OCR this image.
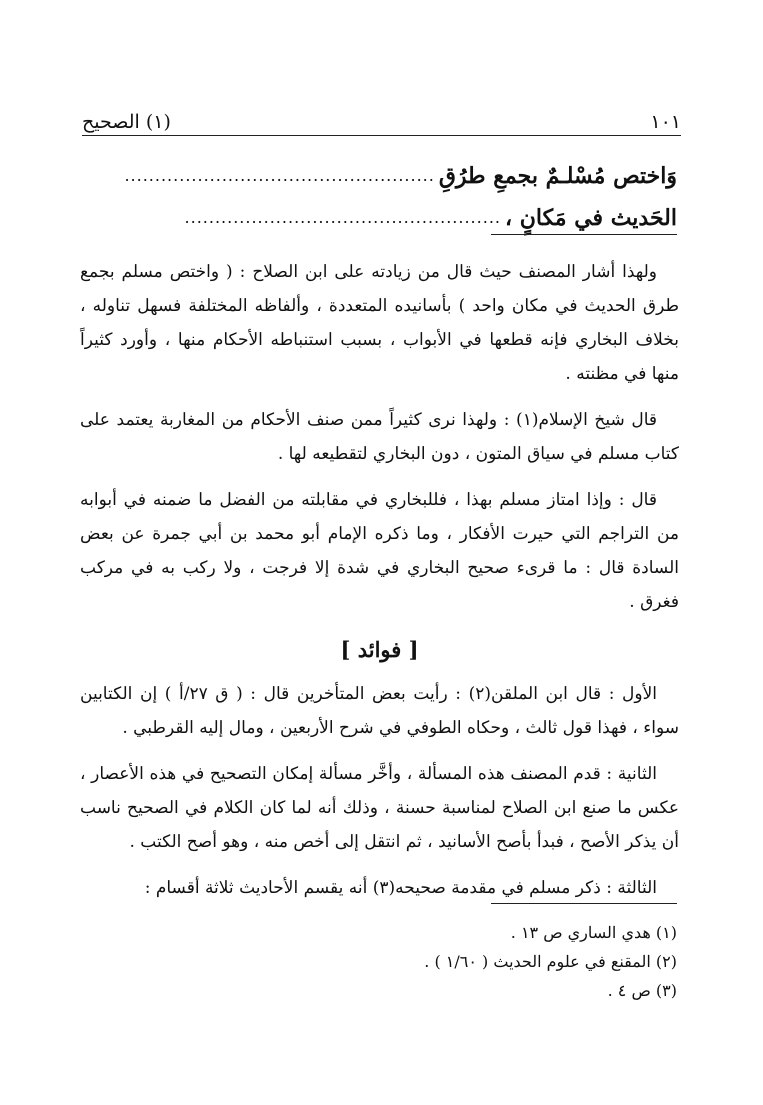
(١) الصحيح	١٠١
وَاختص مُسْلـمٌ بجمعِ طرُقِ
...................................................
الحَديث في مَكانٍ ،
....................................................

ولهذا أشار المصنف حيث قال من زيادته على ابن الصلاح : ( واختص مسلم بجمع طرق الحديث في مكان واحد ) بأسانيده المتعددة ، وألفاظه المختلفة فسهل تناوله ، بخلاف البخاري فإنه قطعها في الأبواب ، بسبب استنباطه الأحكام منها ، وأورد كثيراً منها في مظنته .

قال شيخ الإسلام(١) : ولهذا نرى كثيراً ممن صنف الأحكام من المغاربة يعتمد على كتاب مسلم في سياق المتون ، دون البخاري لتقطيعه لها .

قال : وإذا امتاز مسلم بهذا ، فللبخاري في مقابلته من الفضل ما ضمنه في أبوابه من التراجم التي حيرت الأفكار ، وما ذكره الإمام أبو محمد بن أبي جمرة عن بعض السادة قال : ما قرىء صحيح البخاري في شدة إلا فرجت ، ولا ركب به في مركب فغرق .

[ فوائد ]

الأول : قال ابن الملقن(٢) : رأيت بعض المتأخرين قال : ( ق ٢٧/أ ) إن الكتابين سواء ، فهذا قول ثالث ، وحكاه الطوفي في شرح الأربعين ، ومال إليه القرطبي .

الثانية : قدم المصنف هذه المسألة ، وأخَّر مسألة إمكان التصحيح في هذه الأعصار ، عكس ما صنع ابن الصلاح لمناسبة حسنة ، وذلك أنه لما كان الكلام في الصحيح ناسب أن يذكر الأصح ، فبدأ بأصح الأسانيد ، ثم انتقل إلى أخص منه ، وهو أصح الكتب .

الثالثة : ذكر مسلم في مقدمة صحيحه(٣) أنه يقسم الأحاديث ثلاثة أقسام :

(١) هدي الساري ص ١٣ .
(٢) المقنع في علوم الحديث ( ١/٦٠ ) .
(٣) ص ٤ .
